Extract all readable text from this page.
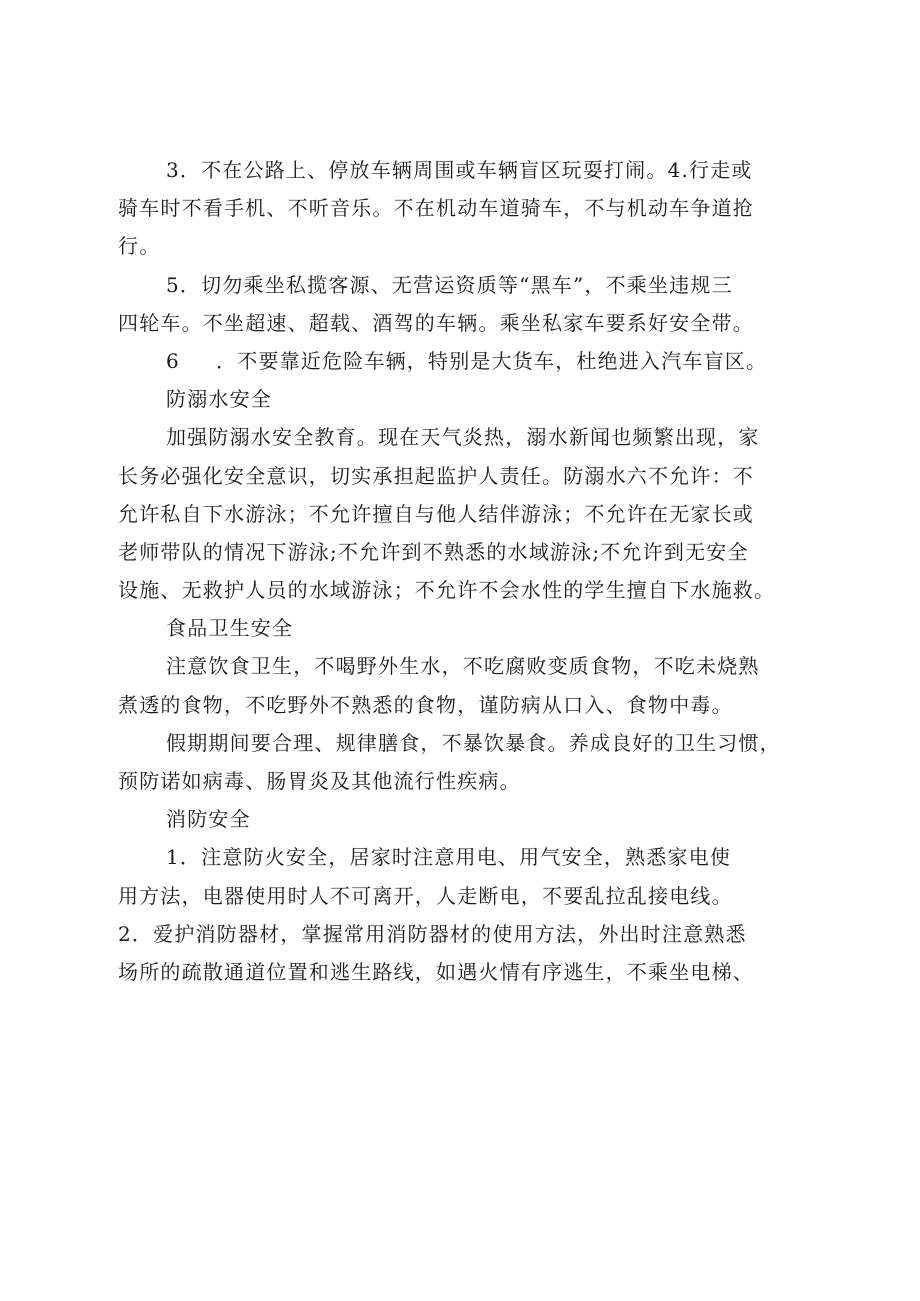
3．不在公路上、停放车辆周围或车辆盲区玩耍打闹。4.行走或
骑车时不看手机、不听音乐。不在机动车道骑车，不与机动车争道抢
行。
5．切勿乘坐私揽客源、无营运资质等“黑车”，不乘坐违规三
四轮车。不坐超速、超载、酒驾的车辆。乘坐私家车要系好安全带。
6 ．不要靠近危险车辆，特别是大货车，杜绝进入汽车盲区。
防溺水安全
加强防溺水安全教育。现在天气炎热，溺水新闻也频繁出现，家
长务必强化安全意识，切实承担起监护人责任。防溺水六不允许：不
允许私自下水游泳；不允许擅自与他人结伴游泳；不允许在无家长或
老师带队的情况下游泳;不允许到不熟悉的水域游泳;不允许到无安全
设施、无救护人员的水域游泳；不允许不会水性的学生擅自下水施救。
食品卫生安全
注意饮食卫生，不喝野外生水，不吃腐败变质食物，不吃未烧熟
煮透的食物，不吃野外不熟悉的食物，谨防病从口入、食物中毒。
假期期间要合理、规律膳食，不暴饮暴食。养成良好的卫生习惯，
预防诺如病毒、肠胃炎及其他流行性疾病。
消防安全
1．注意防火安全，居家时注意用电、用气安全，熟悉家电使
用方法，电器使用时人不可离开，人走断电，不要乱拉乱接电线。
2．爱护消防器材，掌握常用消防器材的使用方法，外出时注意熟悉
场所的疏散通道位置和逃生路线，如遇火情有序逃生，不乘坐电梯、
